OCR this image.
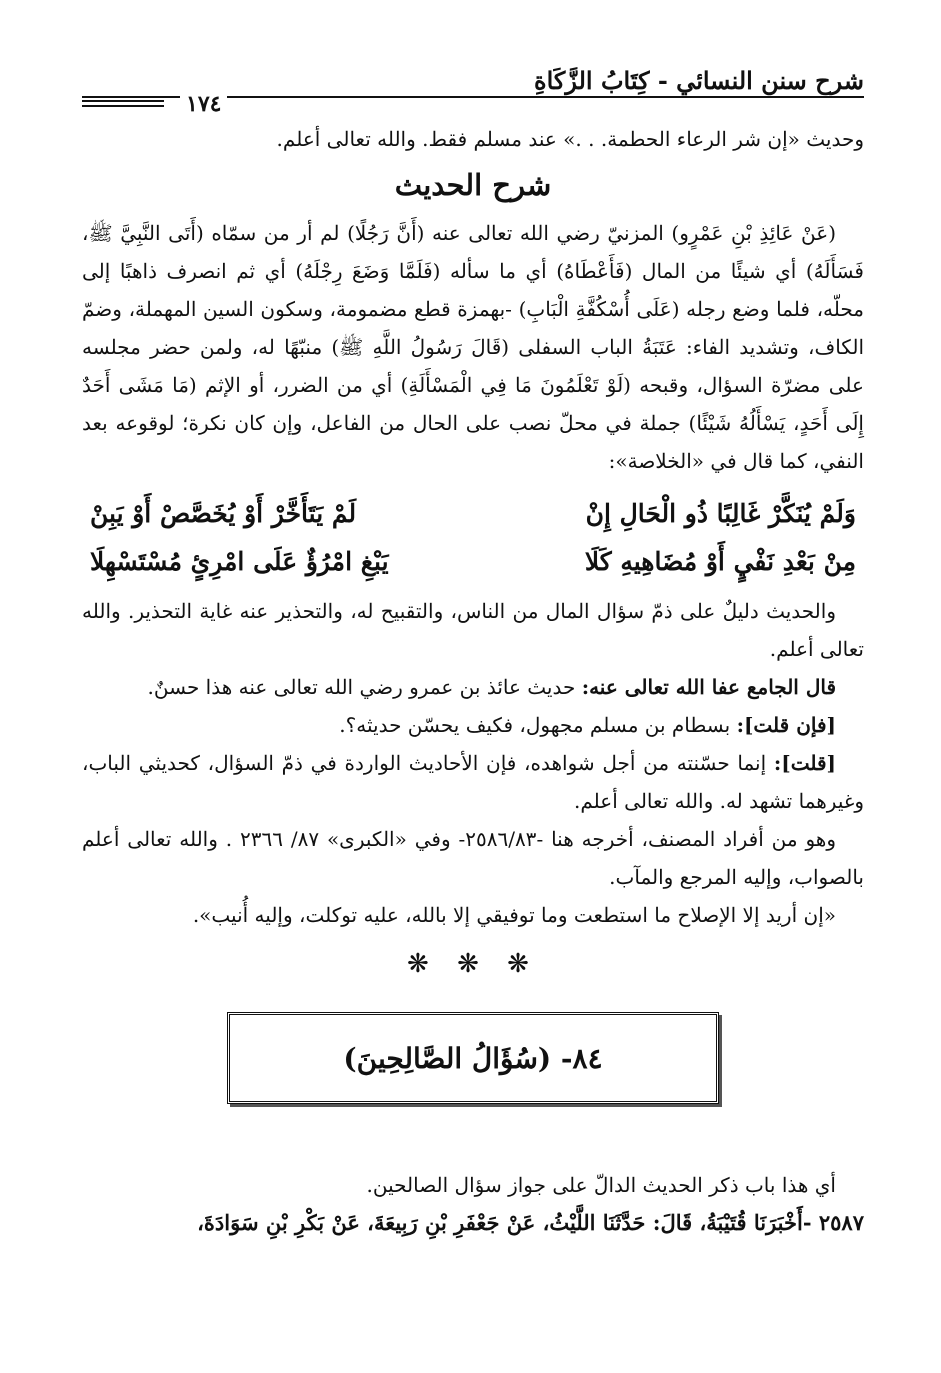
شرح سنن النسائي - كِتَابُ الزَّكَاةِ
١٧٤

وحديث «إن شر الرعاء الحطمة. . .» عند مسلم فقط. والله تعالى أعلم.

شرح الحديث

(عَنْ عَائِذِ بْنِ عَمْرٍو) المزنيّ رضي الله تعالى عنه (أَنَّ رَجُلًا) لم أر من سمّاه (أَتَى النَّبِيَّ ﷺ، فَسَأَلَهُ) أي شيئًا من المال (فَأَعْطَاهُ) أي ما سأله (فَلَمَّا وَضَعَ رِجْلَهُ) أي ثم انصرف ذاهبًا إلى محلّه، فلما وضع رجله (عَلَى أُسْكُفَّةِ الْبَابِ) -بهمزة قطع مضمومة، وسكون السين المهملة، وضمّ الكاف، وتشديد الفاء: عَتَبَةُ الباب السفلى (قَالَ رَسُولُ اللَّهِ ﷺ) منبّهًا له، ولمن حضر مجلسه على مضرّة السؤال، وقبحه (لَوْ تَعْلَمُونَ مَا فِي الْمَسْأَلَةِ) أي من الضرر، أو الإثم (مَا مَشَى أَحَدٌ إِلَى أَحَدٍ، يَسْأَلُهُ شَيْئًا) جملة في محلّ نصب على الحال من الفاعل، وإن كان نكرة؛ لوقوعه بعد النفي، كما قال في «الخلاصة»:

وَلَمْ يُنَكَّرْ غَالِبًا ذُو الْحَالِ إِنْ
لَمْ يَتَأَخَّرْ أَوْ يُخَصَّصْ أَوْ يَبِنْ
مِنْ بَعْدِ نَفْيٍ أَوْ مُضَاهِيهِ كَلَا
يَبْغِ امْرُؤٌ عَلَى امْرِئٍ مُسْتَسْهِلَا

والحديث دليلٌ على ذمّ سؤال المال من الناس، والتقبيح له، والتحذير عنه غاية التحذير. والله تعالى أعلم.

قال الجامع عفا الله تعالى عنه: حديث عائذ بن عمرو رضي الله تعالى عنه هذا حسنٌ.

[فإن قلت]: بسطام بن مسلم مجهول، فكيف يحسّن حديثه؟.

[قلت]: إنما حسّنته من أجل شواهده، فإن الأحاديث الواردة في ذمّ السؤال، كحديثي الباب، وغيرهما تشهد له. والله تعالى أعلم.

وهو من أفراد المصنف، أخرجه هنا -٢٥٨٦/٨٣- وفي «الكبرى» ٨٧/ ٢٣٦٦ . والله تعالى أعلم بالصواب، وإليه المرجع والمآب.

«إن أريد إلا الإصلاح ما استطعت وما توفيقي إلا بالله، عليه توكلت، وإليه أُنيب».

❋ ❋ ❋
٨٤- (سُؤَالُ الصَّالِحِينَ)

أي هذا باب ذكر الحديث الدالّ على جواز سؤال الصالحين.

٢٥٨٧ -أَخْبَرَنَا قُتَيْبَةُ، قَالَ: حَدَّثَنَا اللَّيْثُ، عَنْ جَعْفَرِ بْنِ رَبِيعَةَ، عَنْ بَكْرِ بْنِ سَوَادَةَ،
